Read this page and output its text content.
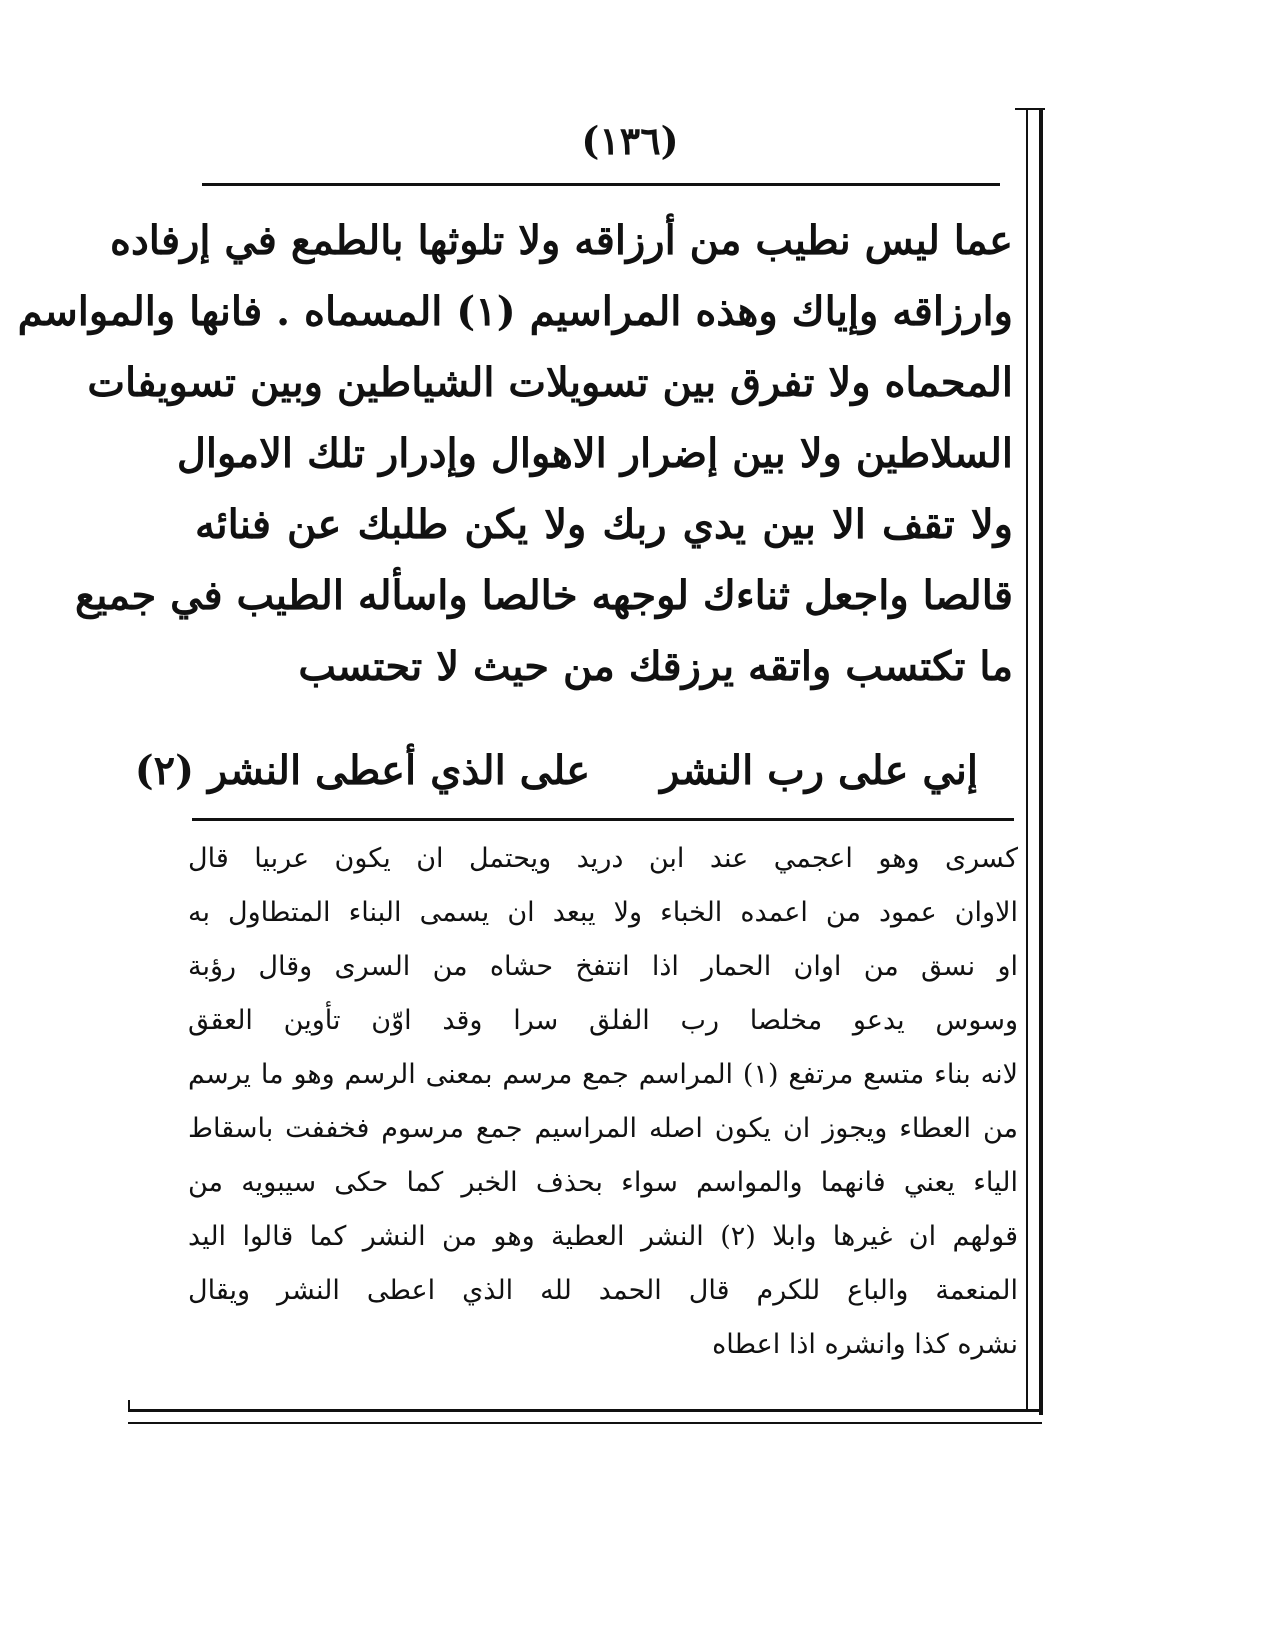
(١٣٦)
عما ليس نطيب من أرزاقه ولا تلوثها بالطمع في إرفاده
وارزاقه وإياك وهذه المراسيم (١) المسماه . فانها والمواسم
المحماه ولا تفرق بين تسويلات الشياطين وبين تسويفات
السلاطين ولا بين إضرار الاهوال وإدرار تلك الاموال
ولا تقف الا بين يدي ربك ولا يكن طلبك عن فنائه
قالصا واجعل ثناءك لوجهه خالصا واسأله الطيب في جميع
ما تكتسب واتقه يرزقك من حيث لا تحتسب
إني على رب النشر
على الذي أعطى النشر (٢)
كسرى وهو اعجمي عند ابن دريد ويحتمل ان يكون عربيا قال
الاوان عمود من اعمده الخباء ولا يبعد ان يسمى البناء المتطاول به
او نسق من اوان الحمار اذا انتفخ حشاه من السرى وقال رؤبة
وسوس يدعو مخلصا رب الفلق سرا وقد اوّن تأوين العقق
لانه بناء متسع مرتفع (١) المراسم جمع مرسم بمعنى الرسم وهو ما يرسم
من العطاء ويجوز ان يكون اصله المراسيم جمع مرسوم فخففت باسقاط
الياء يعني فانهما والمواسم سواء بحذف الخبر كما حكى سيبويه من
قولهم ان غيرها وابلا (٢) النشر العطية وهو من النشر كما قالوا اليد
المنعمة والباع للكرم قال الحمد لله الذي اعطى النشر ويقال
نشره كذا وانشره اذا اعطاه
